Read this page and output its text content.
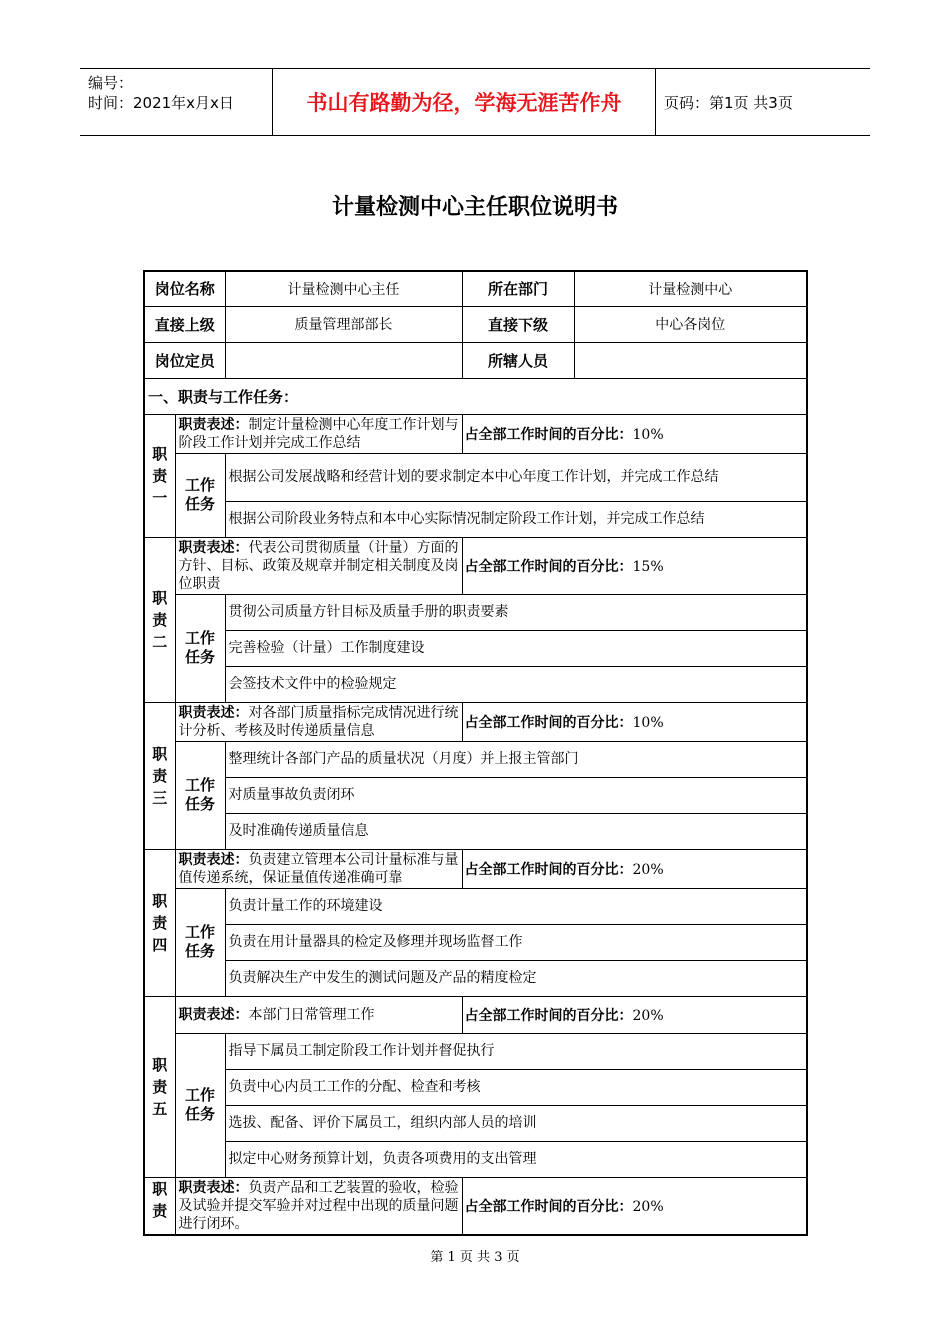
编号：
时间：2021年x月x日	书山有路勤为径，学海无涯苦作舟	页码：第1页 共3页
计量检测中心主任职位说明书
岗位名称		计量检测中心主任	所在部门	计量检测中心
直接上级		质量管理部部长	直接下级	中心各岗位
岗位定员			所辖人员	
一、职责与工作任务：				

职
责
一	职责表述：制定计量检测中心年度工作计划与阶段工作计划并完成工作总结		占全部工作时间的百分比：10%	
	工作
任务	根据公司发展战略和经营计划的要求制定本中心年度工作计划，并完成工作总结		
		根据公司阶段业务特点和本中心实际情况制定阶段工作计划，并完成工作总结		

职
责
二	职责表述：代表公司贯彻质量（计量）方面的方针、目标、政策及规章并制定相关制度及岗位职责		占全部工作时间的百分比：15%	
	工作
任务	贯彻公司质量方针目标及质量手册的职责要素		
		完善检验（计量）工作制度建设		
		会签技术文件中的检验规定		

职
责
三	职责表述：对各部门质量指标完成情况进行统计分析、考核及时传递质量信息		占全部工作时间的百分比：10%	
	工作
任务	整理统计各部门产品的质量状况（月度）并上报主管部门		
		对质量事故负责闭环		
		及时准确传递质量信息		

职
责
四	职责表述：负责建立管理本公司计量标准与量值传递系统，保证量值传递准确可靠		占全部工作时间的百分比：20%	
	工作
任务	负责计量工作的环境建设		
		负责在用计量器具的检定及修理并现场监督工作		
		负责解决生产中发生的测试问题及产品的精度检定		

职
责
五	职责表述：本部门日常管理工作		占全部工作时间的百分比：20%	
	工作
任务	指导下属员工制定阶段工作计划并督促执行		
		负责中心内员工工作的分配、检查和考核		
		选拔、配备、评价下属员工，组织内部人员的培训		
		拟定中心财务预算计划，负责各项费用的支出管理		

职
责	职责表述：负责产品和工艺装置的验收，检验及试验并提交军验并对过程中出现的质量问题进行闭环。		占全部工作时间的百分比：20%	
第 1 页 共 3 页
